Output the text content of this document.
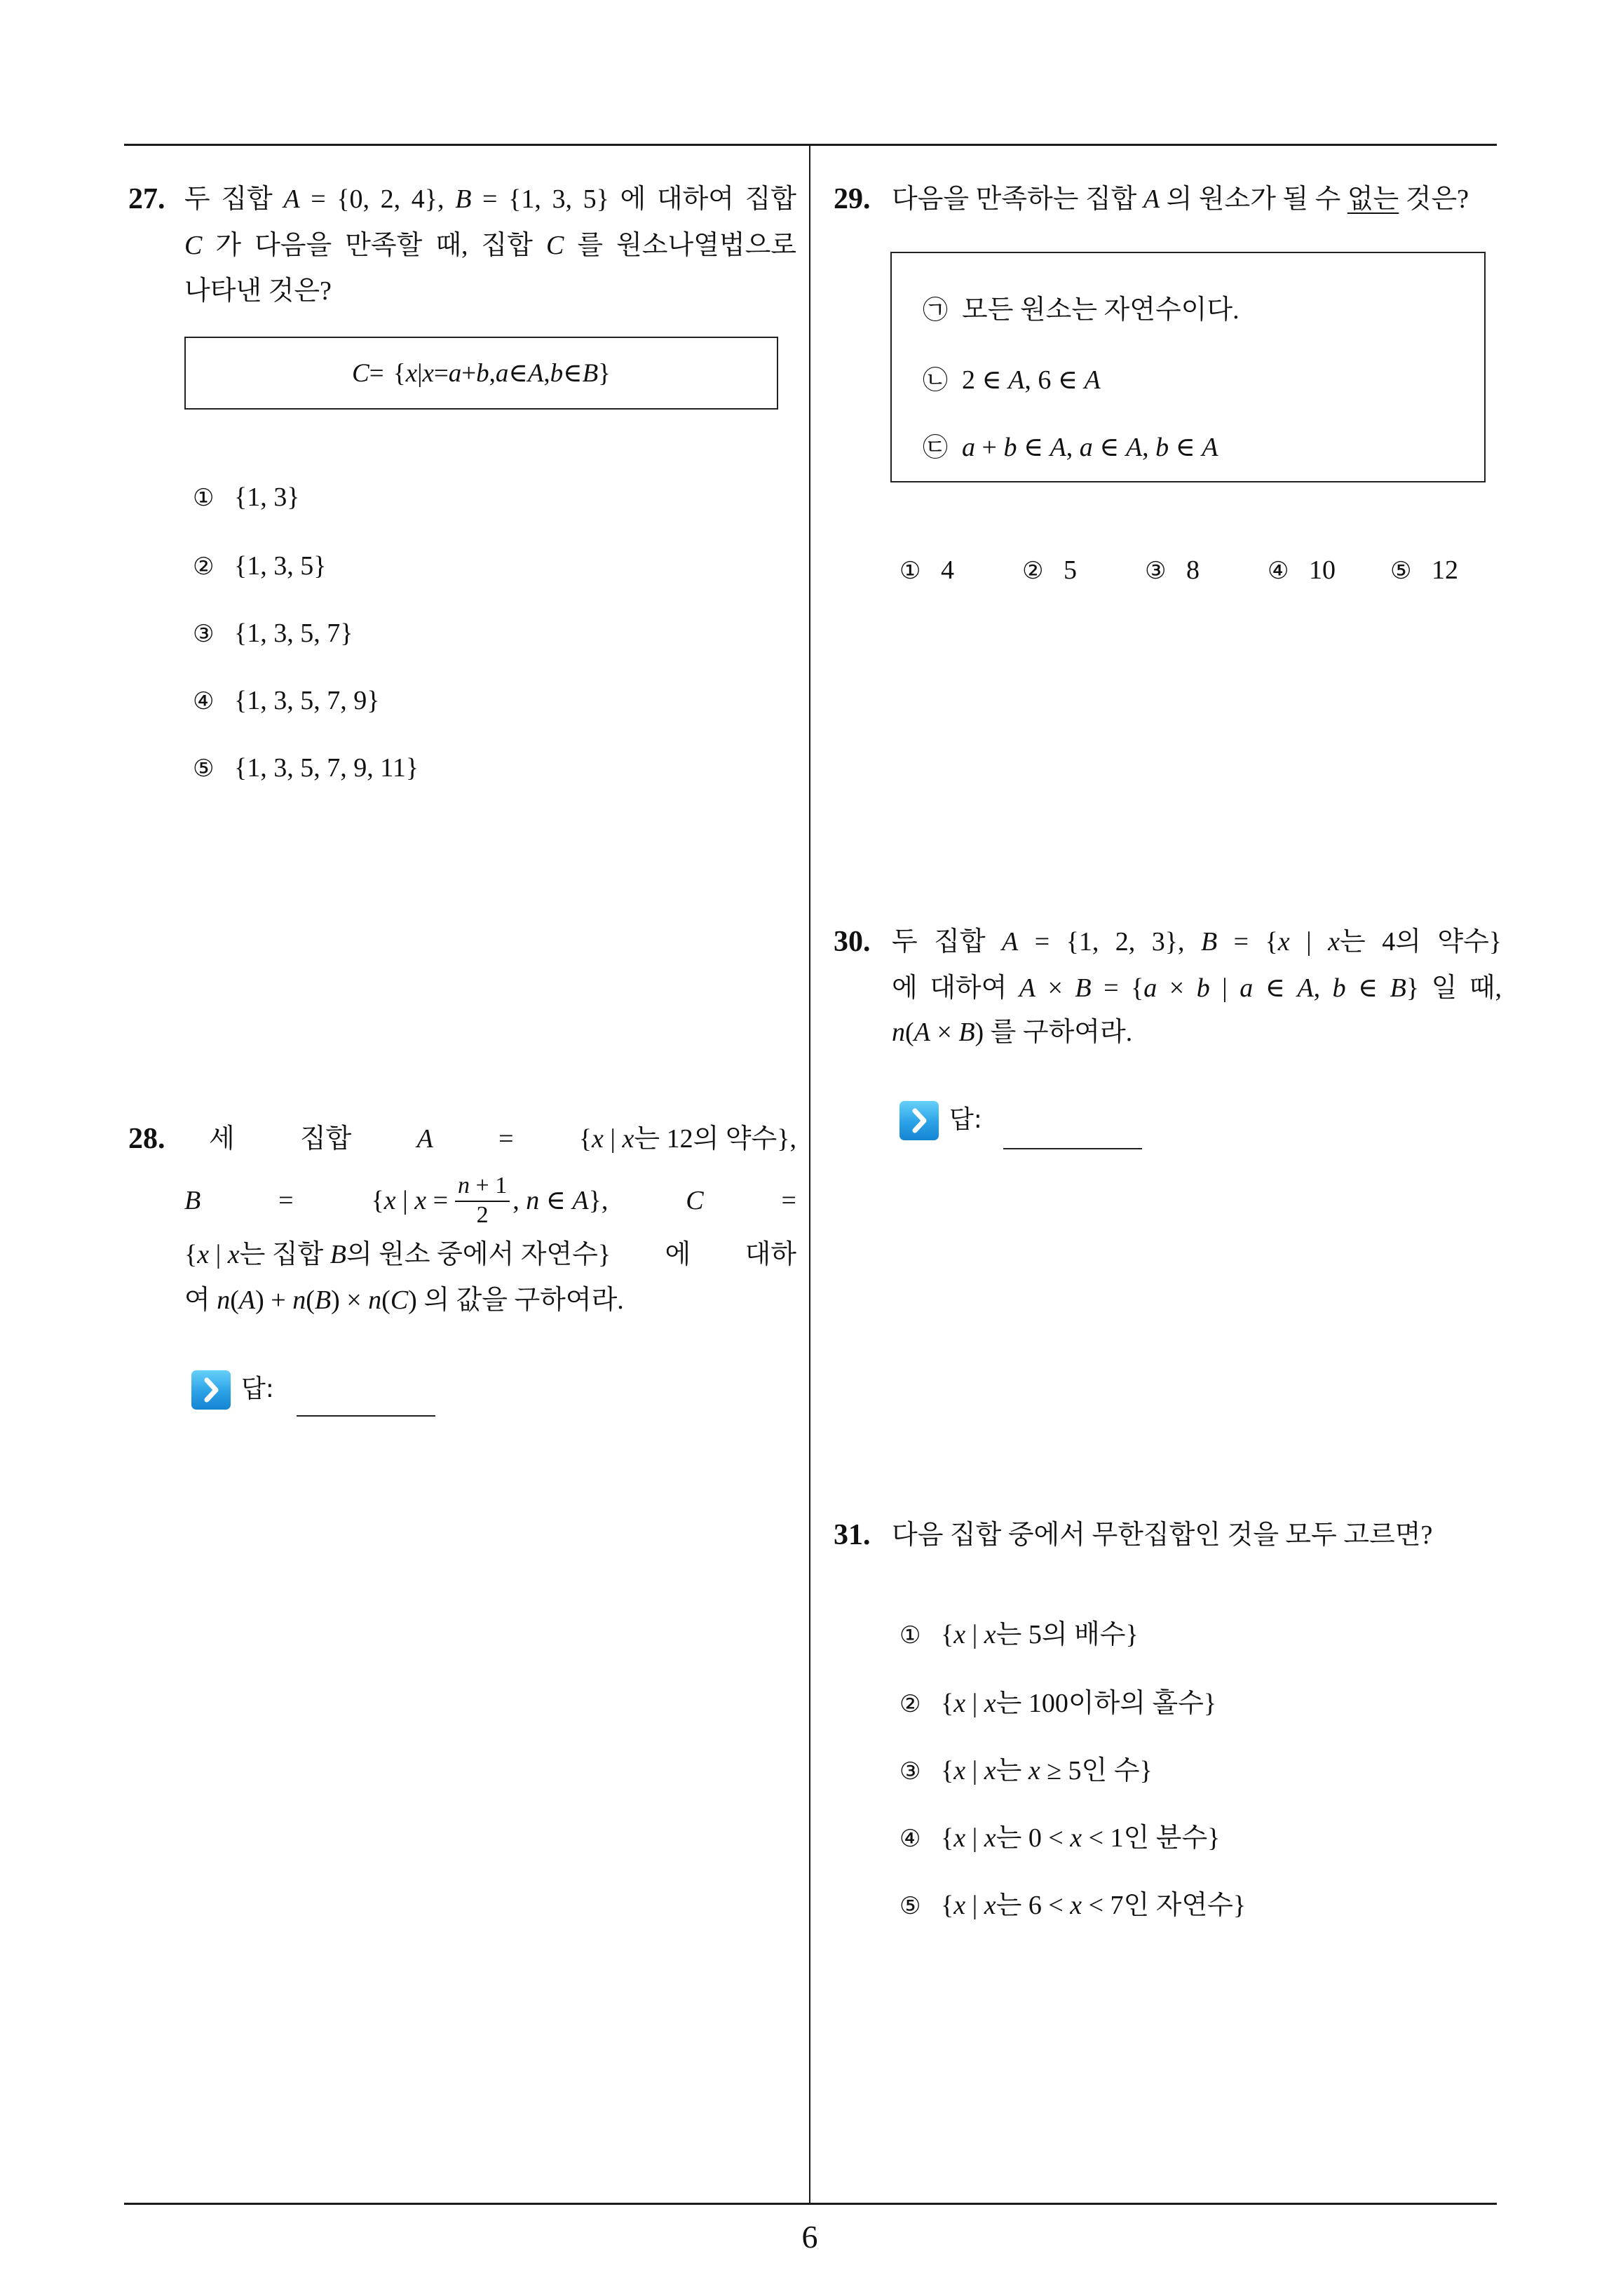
27. 두 집합 A = {0, 2, 4}, B = {1, 3, 5} 에 대하여 집합
C 가 다음을 만족할 때, 집합 C 를 원소나열법으로
나타낸 것은?
C = { x | x = a + b , a ∈ A , b ∈ B }
① {1, 3}
② {1, 3, 5}
③ {1, 3, 5, 7}
④ {1, 3, 5, 7, 9}
⑤ {1, 3, 5, 7, 9, 11}
28. 세 집합 A = {x | x는 12의 약수},
B	=	{x | $x = \frac{n + 1}{2}$ , n ∈ A},	C	=
{x | x는 집합 B의 원소 중에서 자연수} 에 대하
여 n(A) + n(B) × n(C) 의 값을 구하여라.
답:
29. 다음을 만족하는 집합 A 의 원소가 될 수 없는 것은?
㉠ 모든 원소는 자연수이다.
㉡ 2 ∈ A, 6 ∈ A
㉢ a + b ∈ A, a ∈ A, b ∈ A
① 4	② 5	③ 8	④ 10 ⑤ 12
30. 두 집합 A = {1, 2, 3}, B = {x | x는 4의 약수}
에 대하여 A × B = {a × b | a ∈ A, b ∈ B} 일 때,
n(A × B) 를 구하여라.
답:
31. 다음 집합 중에서 무한집합인 것을 모두 고르면?
① {x | x는 5의 배수}
② {x | x는 100이하의 홀수}
③ {x | x는 x ≥ 5인 수}
④ {x | x는 0 < x < 1인 분수}
⑤ {x | x는 6 < x < 7인 자연수}
6
